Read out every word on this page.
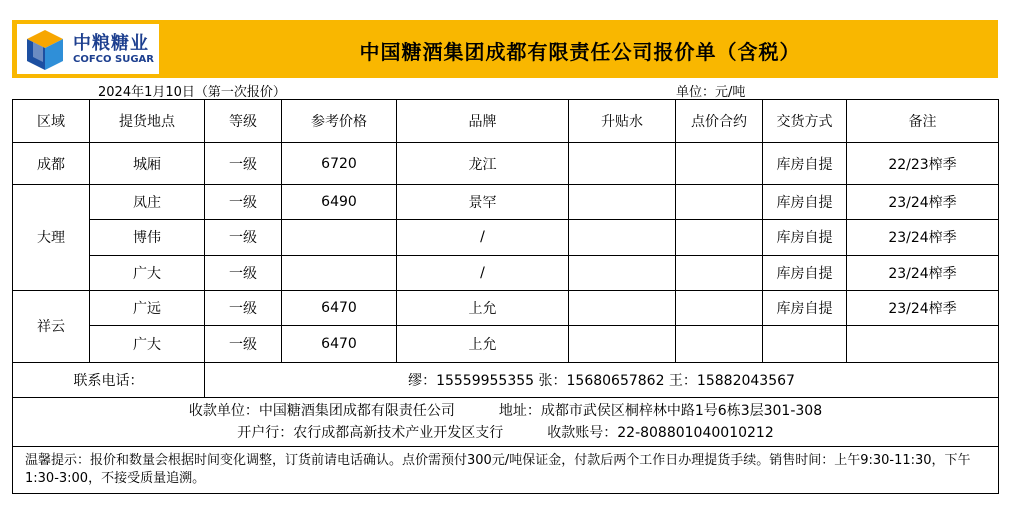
中粮糖业
COFCO SUGAR	中国糖酒集团成都有限责任公司报价单（含税）
2024年1月10日（第一次报价）	单位：元/吨
区域	提货地点	等级	参考价格	品牌	升贴水	点价合约	交货方式	备注
成都	城厢	一级	6720	龙江			库房自提	22/23榨季
大理	凤庄	一级	6490	景罕			库房自提	23/24榨季
	博伟	一级		/			库房自提	23/24榨季
	广大	一级		/			库房自提	23/24榨季
祥云	广远	一级	6470	上允			库房自提	23/24榨季
	广大	一级	6470	上允				
联系电话：		缪：15559955355 张：15680657862 王：15882043567						

收款单位：中国糖酒集团成都有限责任公司 地址：成都市武侯区桐梓林中路1号6栋3层301-308
开户行：农行成都高新技术产业开发区支行 收款账号：22-808801040010212								

温馨提示：报价和数量会根据时间变化调整，订货前请电话确认。点价需预付300元/吨保证金，付款后两个工作日办理提货手续。销售时间：上午9:30-11:30，下午1:30-3:00，不接受质量追溯。								
